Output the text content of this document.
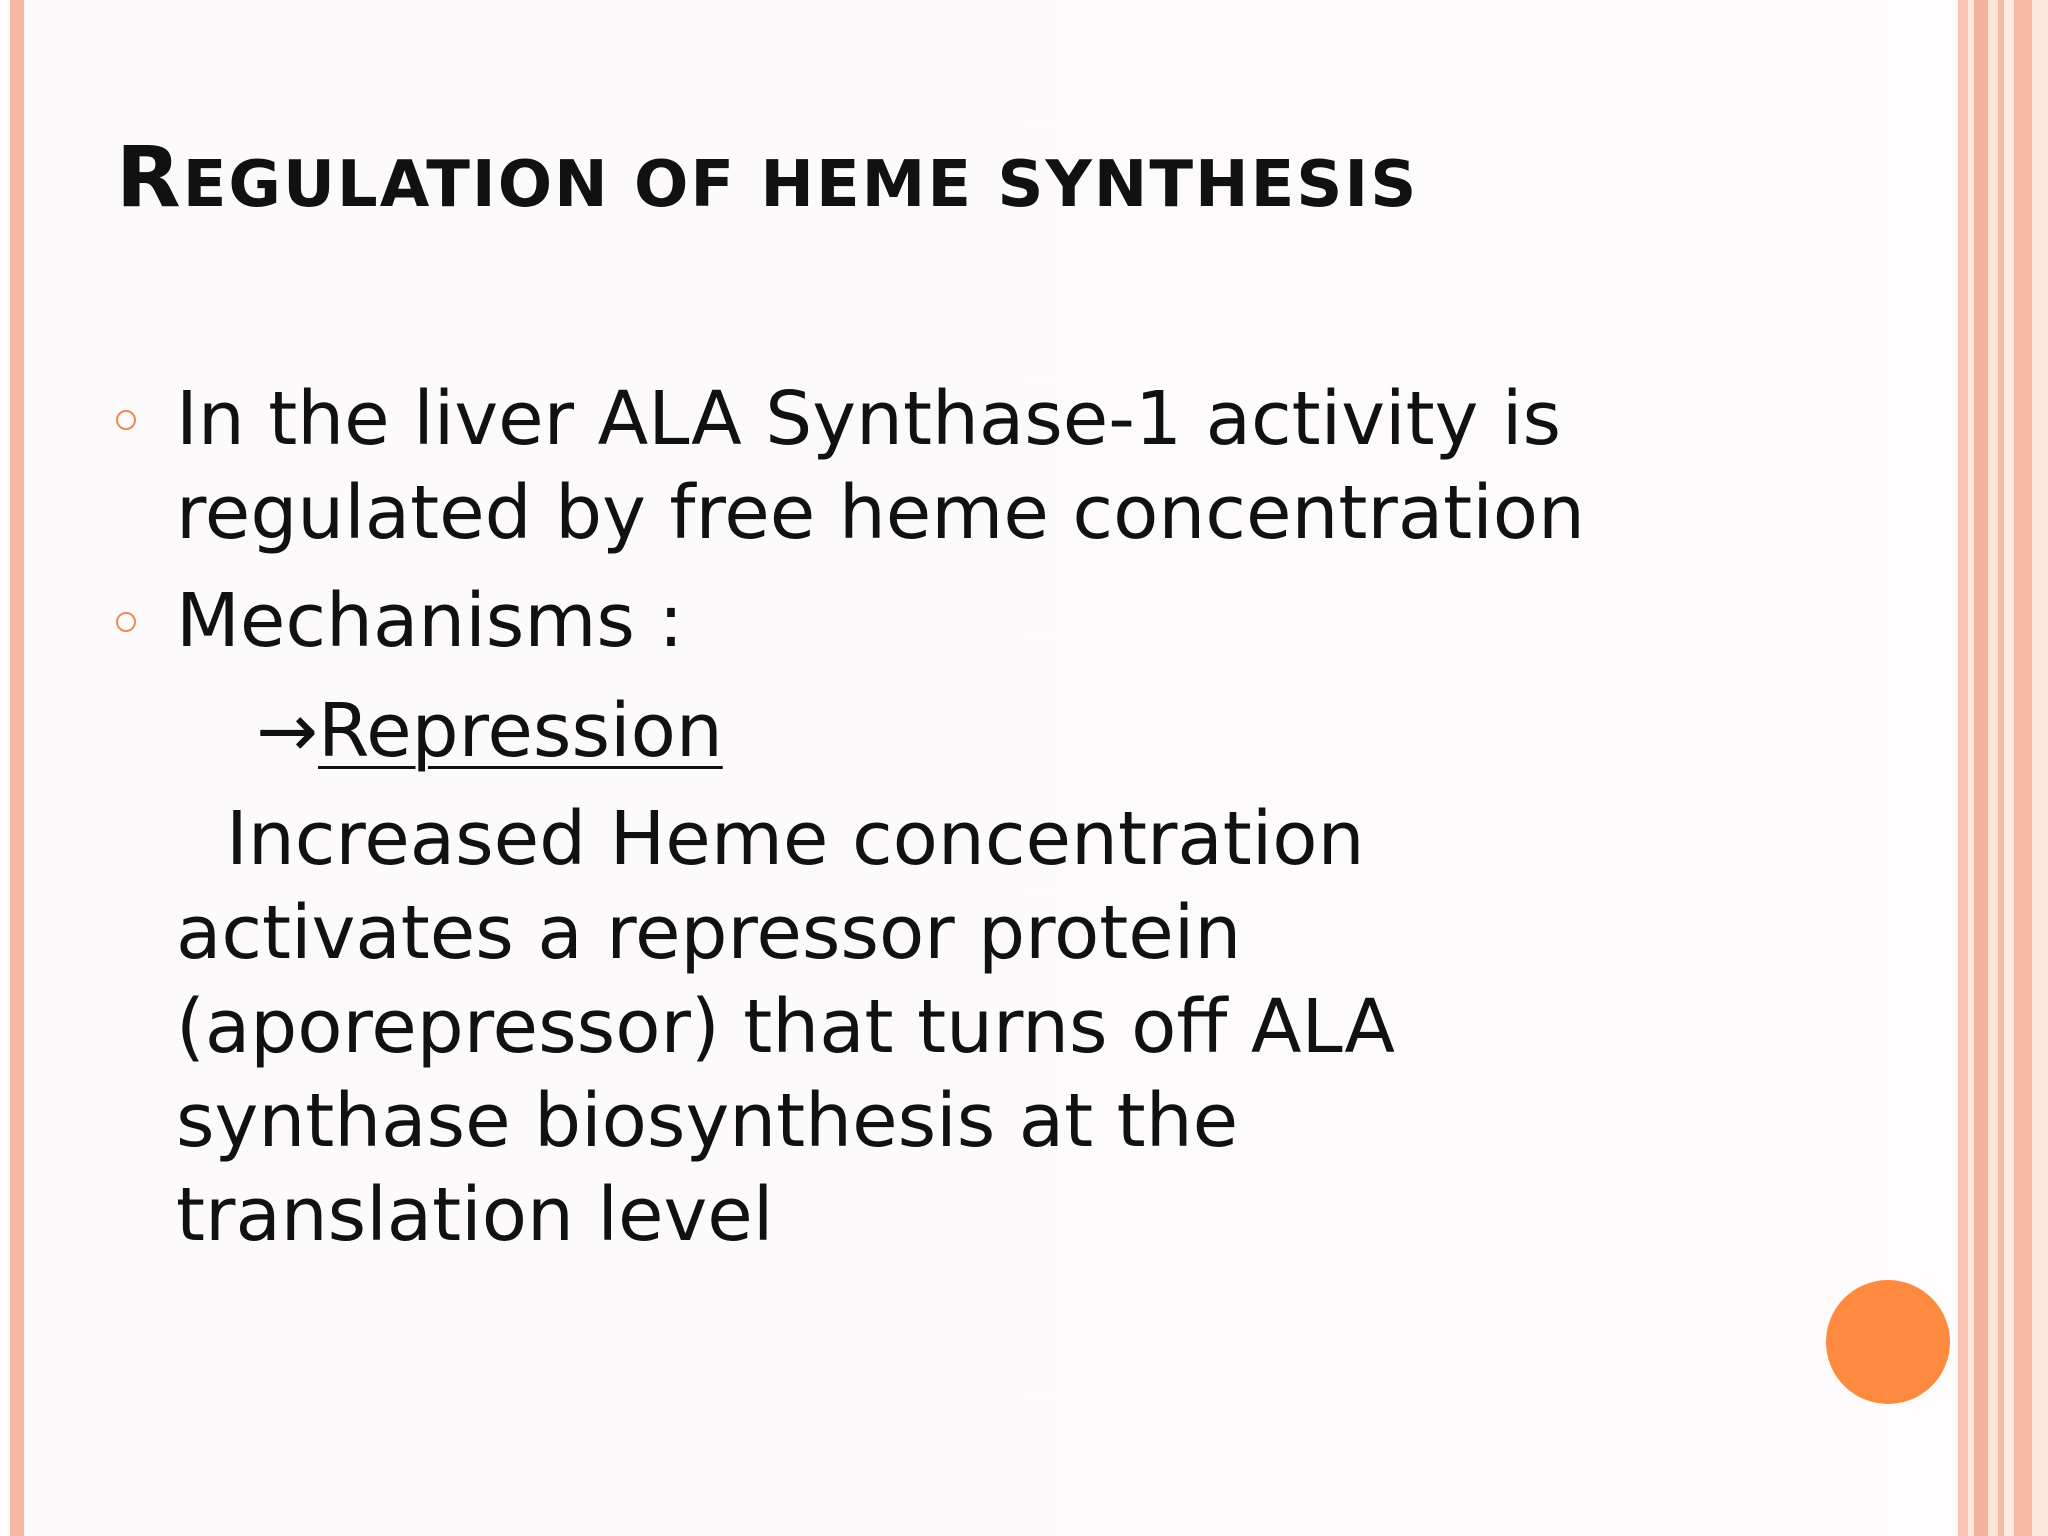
REGULATION OF HEME SYNTHESIS
In the liver ALA Synthase-1 activity is
regulated by free heme concentration
Mechanisms :
→Repression
Increased Heme concentration
activates a repressor protein
(aporepressor) that turns off ALA
synthase biosynthesis at the
translation level
